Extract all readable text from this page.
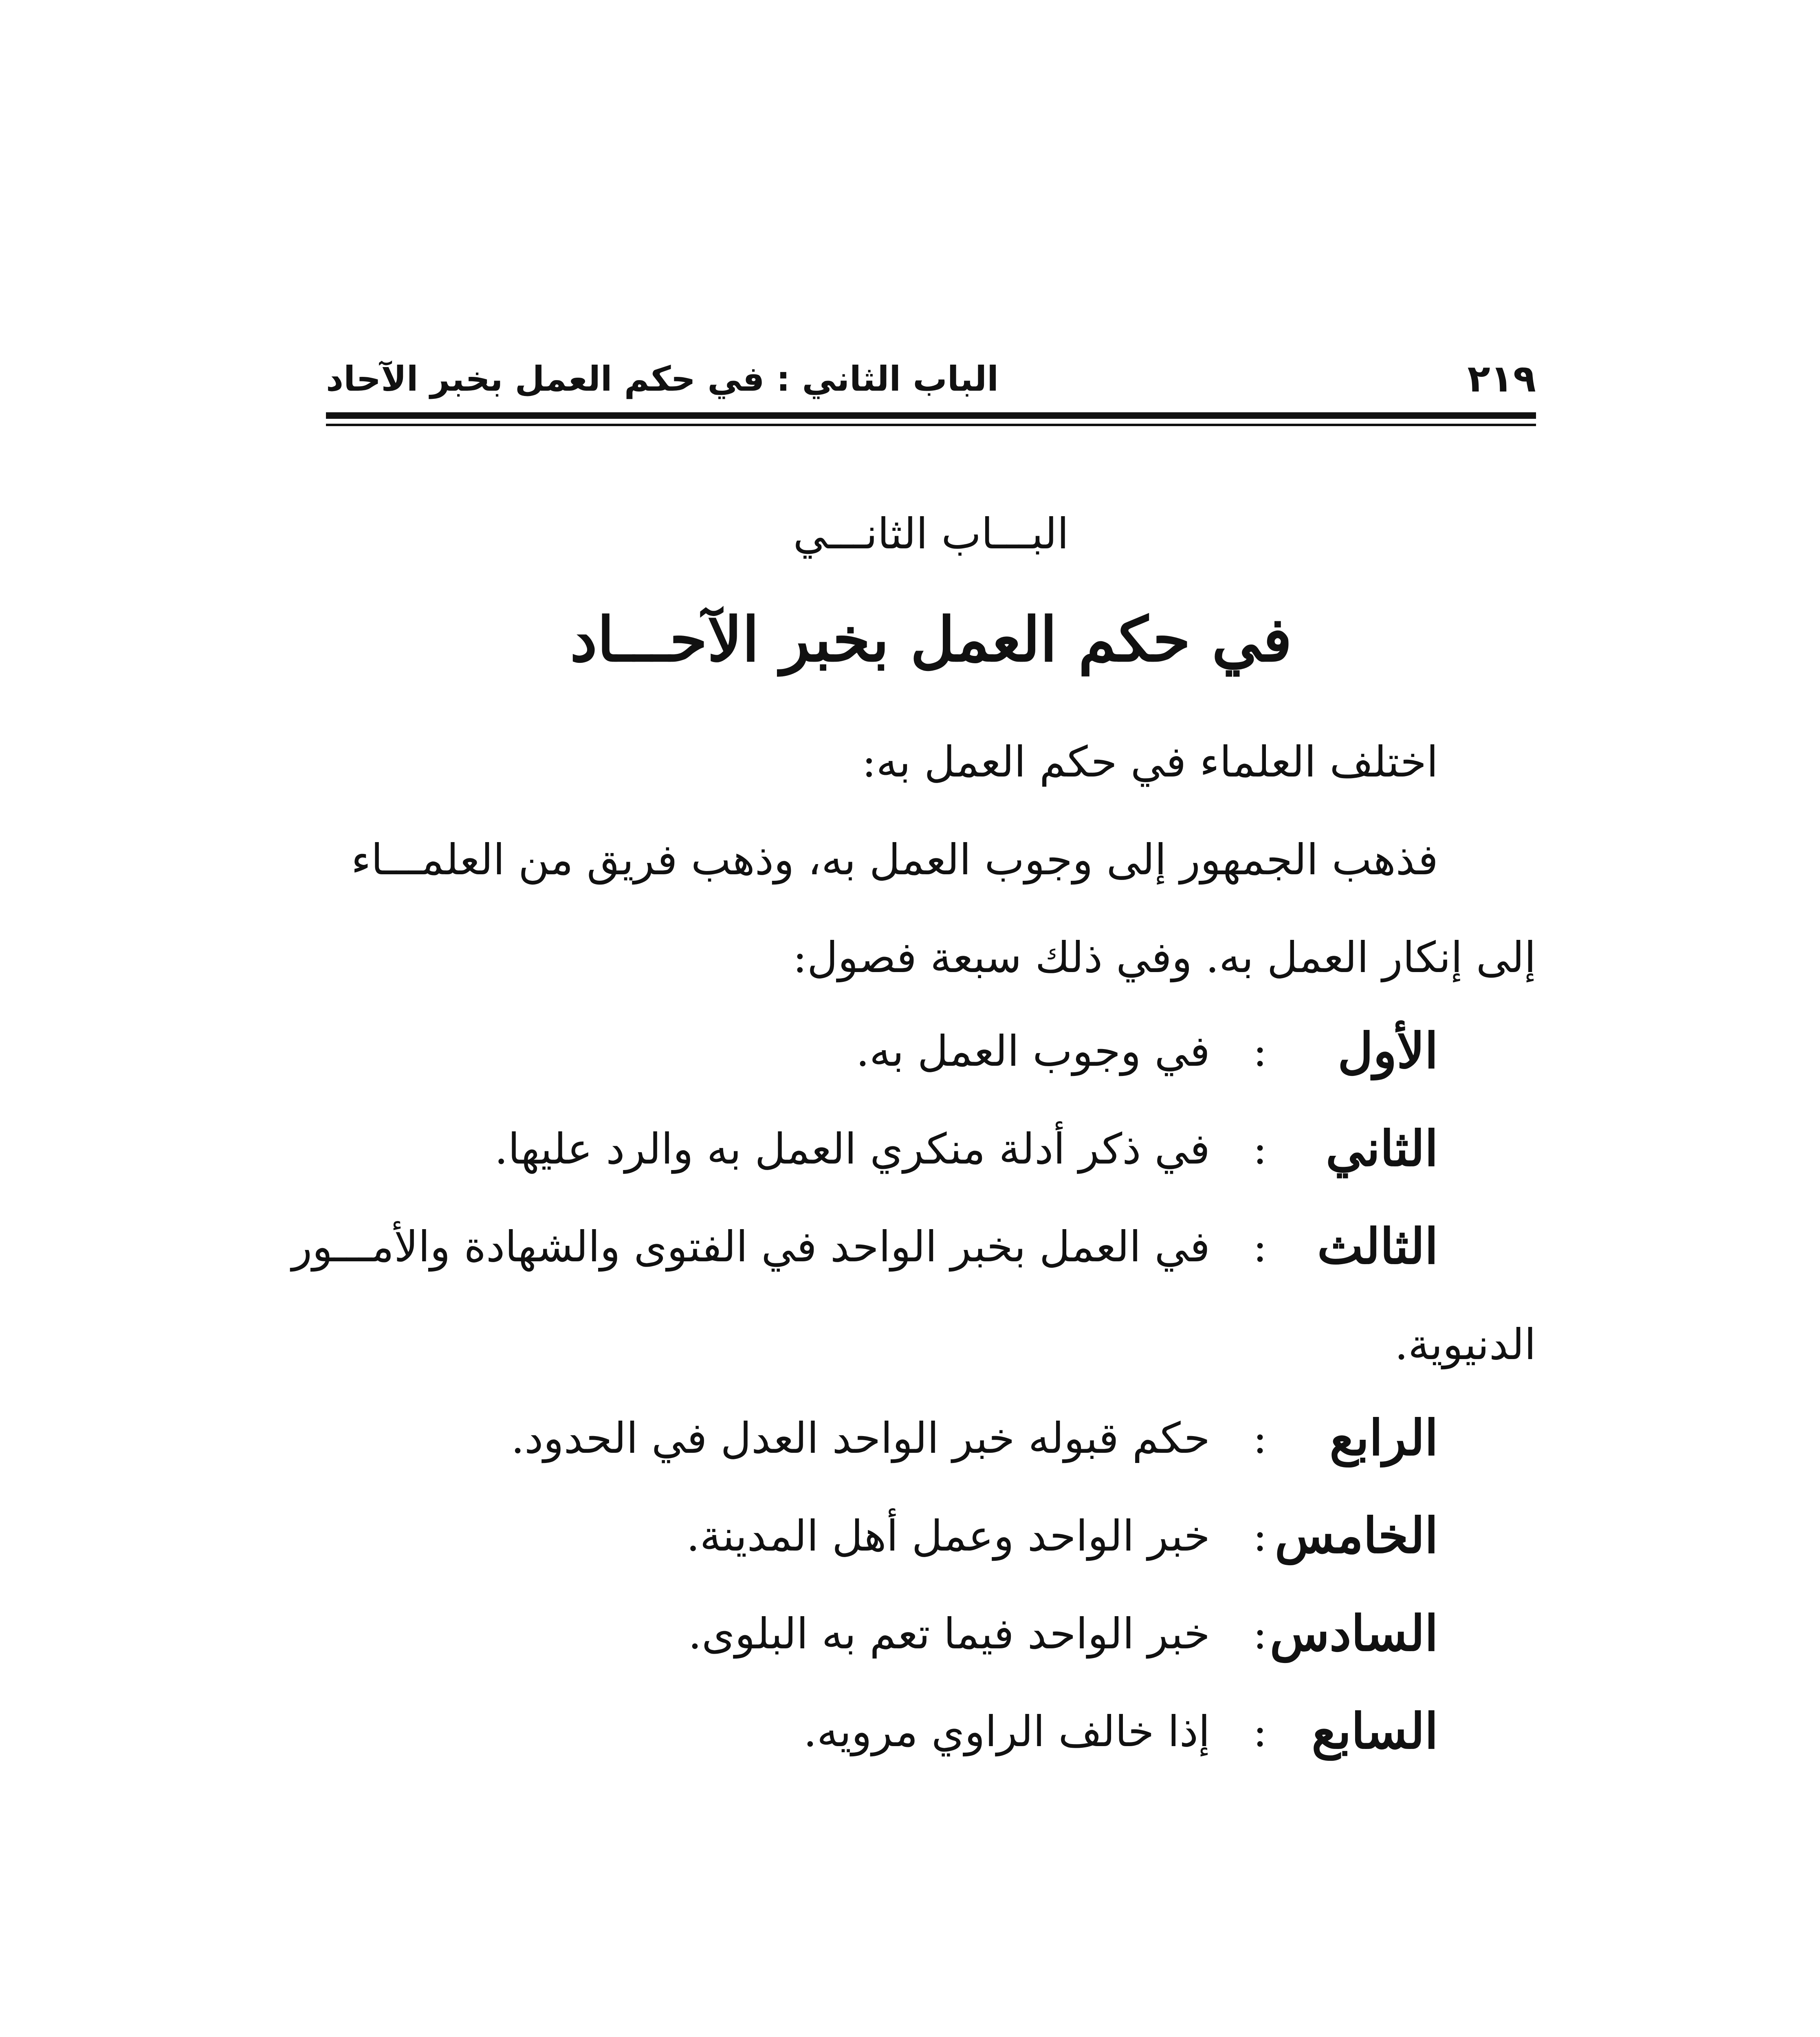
٢١٩
الباب الثاني : في حكم العمل بخبر الآحاد
البـــاب الثانـــي
في حكم العمل بخبر الآحـــاد
اختلف العلماء في حكم العمل به:
فذهب الجمهور إلى وجوب العمل به، وذهب فريق من العلمـــاء
إلى إنكار العمل به. وفي ذلك سبعة فصول:
الأول
:
في وجوب العمل به.
الثاني
:
في ذكر أدلة منكري العمل به والرد عليها.
الثالث
:
في العمل بخبر الواحد في الفتوى والشهادة والأمـــور
الدنيوية.
الرابع
:
حكم قبوله خبر الواحد العدل في الحدود.
الخامس
:
خبر الواحد وعمل أهل المدينة.
السادس
:
خبر الواحد فيما تعم به البلوى.
السابع
:
إذا خالف الراوي مرويه.
